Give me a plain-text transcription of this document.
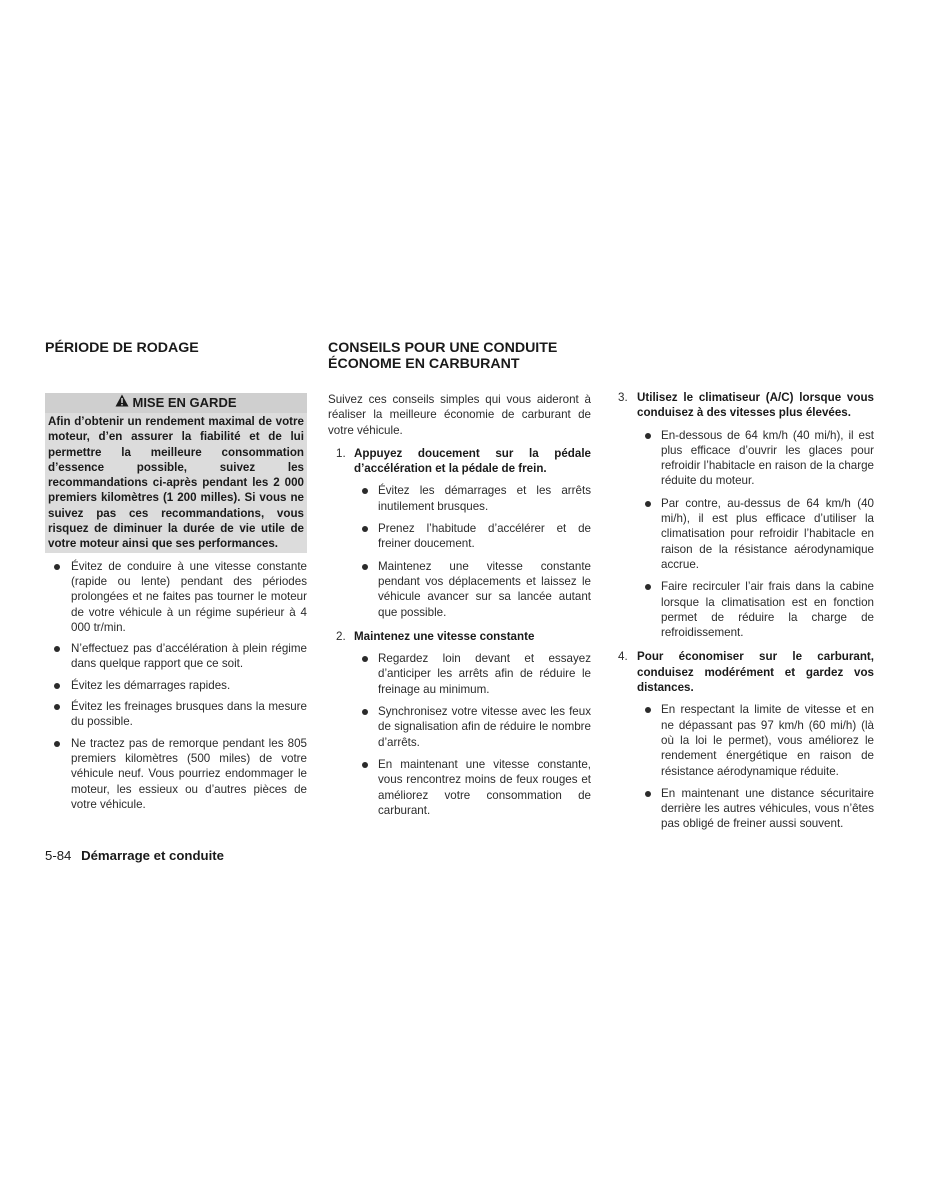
PÉRIODE DE RODAGE
MISE EN GARDE
Afin d’obtenir un rendement maximal de votre moteur, d’en assurer la fiabilité et de lui permettre la meilleure consommation d’essence possible, suivez les recommandations ci-après pendant les 2 000 premiers kilomètres (1 200 milles). Si vous ne suivez pas ces recommandations, vous risquez de diminuer la durée de vie utile de votre moteur ainsi que ses performances.
Évitez de conduire à une vitesse constante (rapide ou lente) pendant des périodes prolongées et ne faites pas tourner le moteur de votre véhicule à un régime supérieur à 4 000 tr/min.
N’effectuez pas d’accélération à plein régime dans quelque rapport que ce soit.
Évitez les démarrages rapides.
Évitez les freinages brusques dans la mesure du possible.
Ne tractez pas de remorque pendant les 805 premiers kilomètres (500 miles) de votre véhicule neuf. Vous pourriez endommager le moteur, les essieux ou d’autres pièces de votre véhicule.
CONSEILS POUR UNE CONDUITE
ÉCONOME EN CARBURANT

Suivez ces conseils simples qui vous aideront à réaliser la meilleure économie de carburant de votre véhicule.

1. Appuyez doucement sur la pédale d’accélération et la pédale de frein.
Évitez les démarrages et les arrêts inutilement brusques.
Prenez l’habitude d’accélérer et de freiner doucement.
Maintenez une vitesse constante pendant vos déplacements et laissez le véhicule avancer sur sa lancée autant que possible.
2. Maintenez une vitesse constante
Regardez loin devant et essayez d’anticiper les arrêts afin de réduire le freinage au minimum.
Synchronisez votre vitesse avec les feux de signalisation afin de réduire le nombre d’arrêts.
En maintenant une vitesse constante, vous rencontrez moins de feux rouges et améliorez votre consommation de carburant.
3. Utilisez le climatiseur (A/C) lorsque vous conduisez à des vitesses plus élevées.
En-dessous de 64 km/h (40 mi/h), il est plus efficace d’ouvrir les glaces pour refroidir l’habitacle en raison de la charge réduite du moteur.
Par contre, au-dessus de 64 km/h (40 mi/h), il est plus efficace d’utiliser la climatisation pour refroidir l’habitacle en raison de la résistance aérodynamique accrue.
Faire recirculer l’air frais dans la cabine lorsque la climatisation est en fonction permet de réduire la charge de refroidissement.
4. Pour économiser sur le carburant, conduisez modérément et gardez vos distances.
En respectant la limite de vitesse et en ne dépassant pas 97 km/h (60 mi/h) (là où la loi le permet), vous améliorez le rendement énergétique en raison de résistance aérodynamique réduite.
En maintenant une distance sécuritaire derrière les autres véhicules, vous n’êtes pas obligé de freiner aussi souvent.
5-84 Démarrage et conduite
